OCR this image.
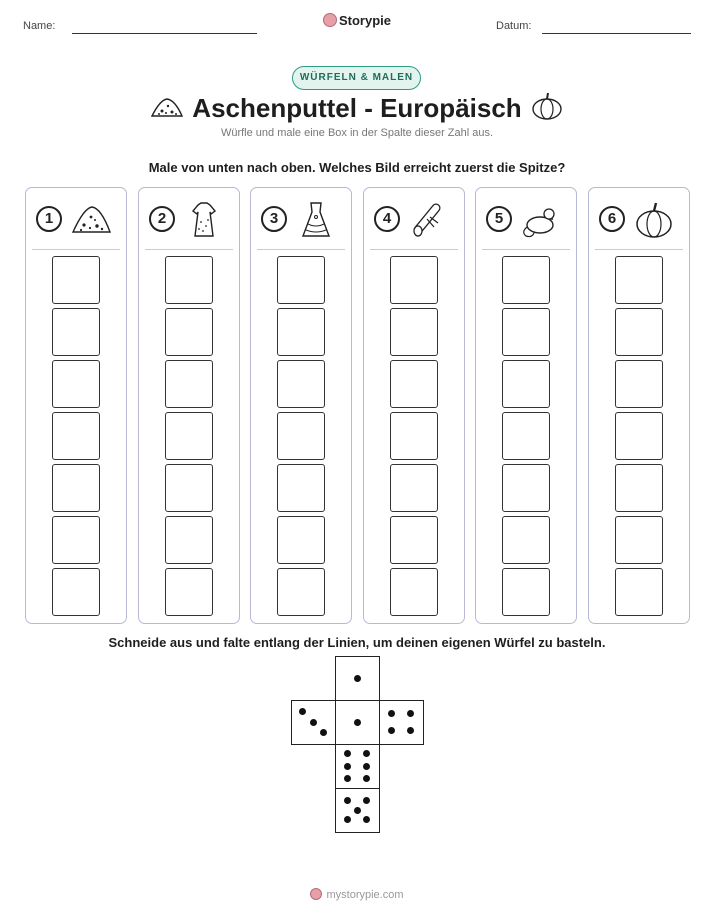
Name:	Storypie	Datum:
WÜRFELN & MALEN
Aschenputtel - Europäisch
Würfle und male eine Box in der Spalte dieser Zahl aus.
Male von unten nach oben. Welches Bild erreicht zuerst die Spitze?
1	2	3	4	5	6
Schneide aus und falte entlang der Linien, um deinen eigenen Würfel zu basteln.
mystorypie.com
